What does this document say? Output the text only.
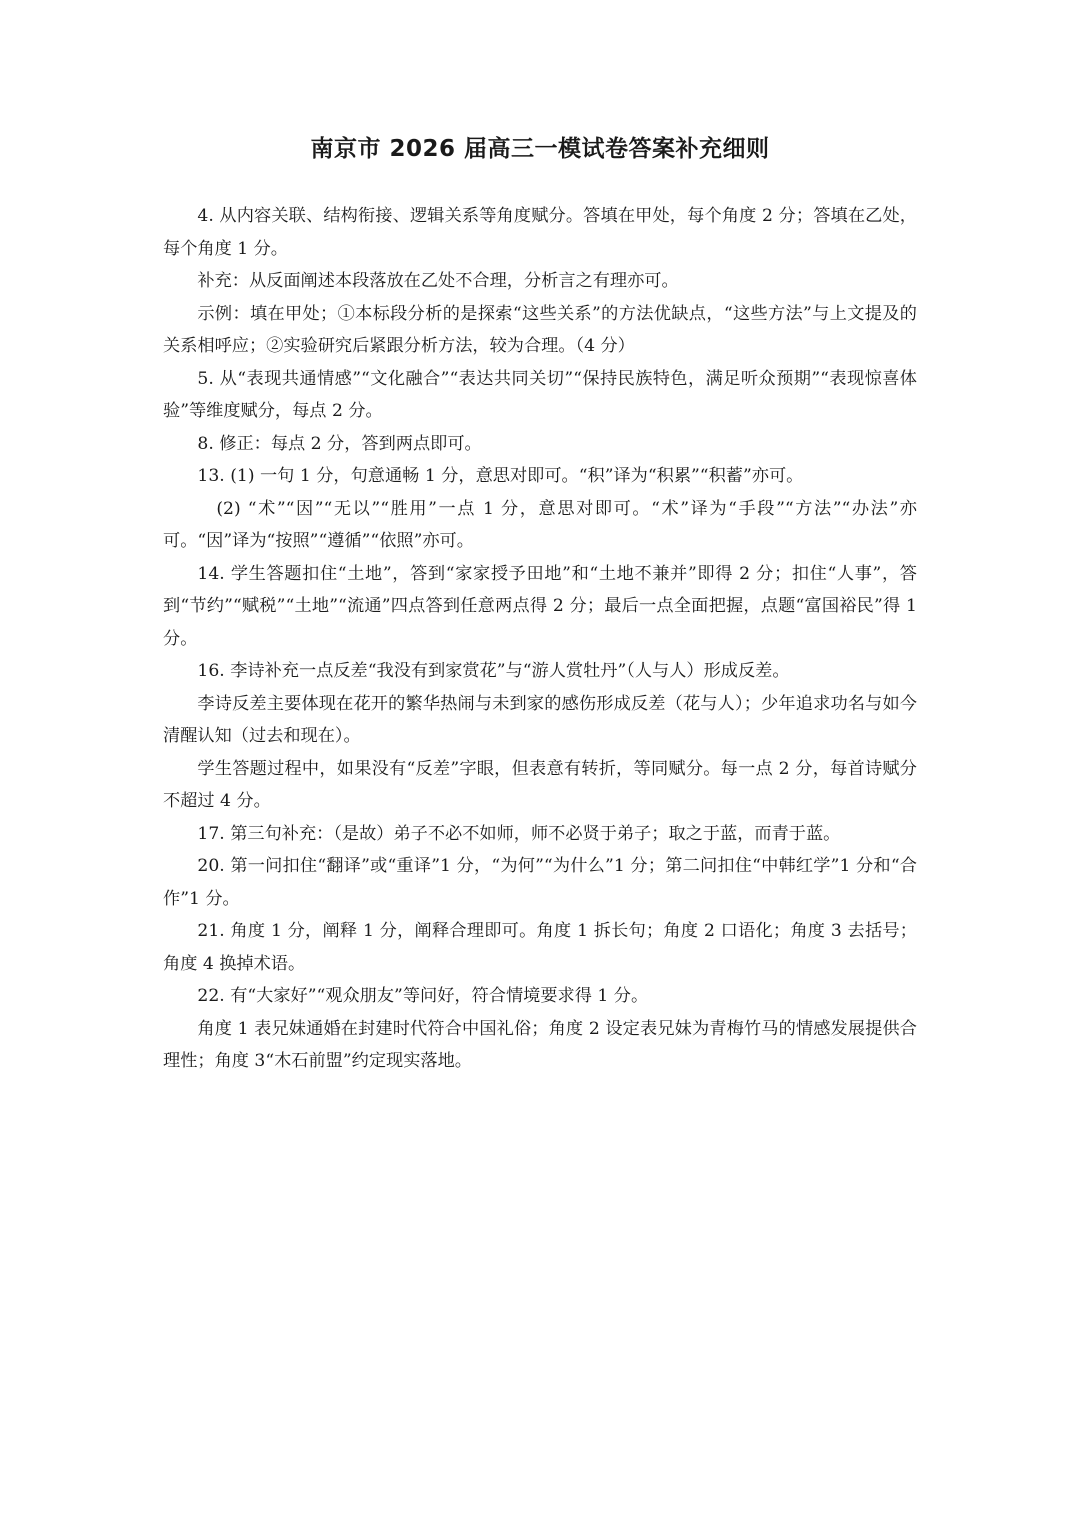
南京市 2026 届高三一模试卷答案补充细则

4. 从内容关联、结构衔接、逻辑关系等角度赋分。答填在甲处，每个角度 2 分；答填在乙处，每个角度 1 分。

补充：从反面阐述本段落放在乙处不合理，分析言之有理亦可。

示例：填在甲处；①本标段分析的是探索“这些关系”的方法优缺点，“这些方法”与上文提及的关系相呼应；②实验研究后紧跟分析方法，较为合理。（4 分）

5. 从“表现共通情感”“文化融合”“表达共同关切”“保持民族特色，满足听众预期”“表现惊喜体验”等维度赋分，每点 2 分。

8. 修正：每点 2 分，答到两点即可。

13. (1) 一句 1 分，句意通畅 1 分，意思对即可。“积”译为“积累”“积蓄”亦可。

(2) “术”“因”“无以”“胜用”一点 1 分，意思对即可。“术”译为“手段”“方法”“办法”亦可。“因”译为“按照”“遵循”“依照”亦可。

14. 学生答题扣住“土地”，答到“家家授予田地”和“土地不兼并”即得 2 分；扣住“人事”，答到“节约”“赋税”“土地”“流通”四点答到任意两点得 2 分；最后一点全面把握，点题“富国裕民”得 1 分。

16. 李诗补充一点反差“我没有到家赏花”与“游人赏牡丹”（人与人）形成反差。

李诗反差主要体现在花开的繁华热闹与未到家的感伤形成反差（花与人）；少年追求功名与如今清醒认知（过去和现在）。

学生答题过程中，如果没有“反差”字眼，但表意有转折，等同赋分。每一点 2 分，每首诗赋分不超过 4 分。

17. 第三句补充：（是故）弟子不必不如师，师不必贤于弟子；取之于蓝，而青于蓝。

20. 第一问扣住“翻译”或“重译”1 分，“为何”“为什么”1 分；第二问扣住“中韩红学”1 分和“合作”1 分。

21. 角度 1 分，阐释 1 分，阐释合理即可。角度 1 拆长句；角度 2 口语化；角度 3 去括号；角度 4 换掉术语。

22. 有“大家好”“观众朋友”等问好，符合情境要求得 1 分。

角度 1 表兄妹通婚在封建时代符合中国礼俗；角度 2 设定表兄妹为青梅竹马的情感发展提供合理性；角度 3“木石前盟”约定现实落地。
